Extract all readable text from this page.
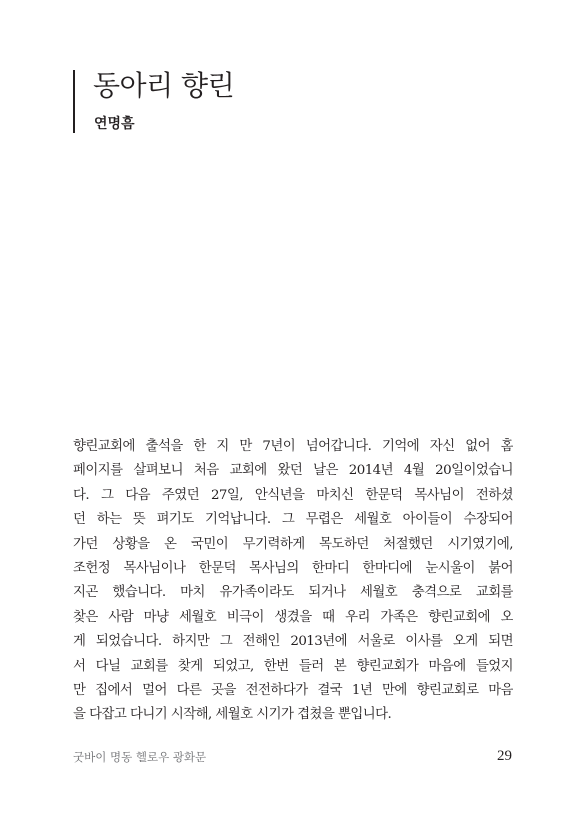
동아리 향린
연명흠

향린교회에 출석을 한 지 만 7년이 넘어갑니다. 기억에 자신 없어 홈
페이지를 살펴보니 처음 교회에 왔던 날은 2014년 4월 20일이었습니
다. 그 다음 주였던 27일, 안식년을 마치신 한문덕 목사님이 전하셨
던 하는 뜻 펴기도 기억납니다. 그 무렵은 세월호 아이들이 수장되어
가던 상황을 온 국민이 무기력하게 목도하던 처절했던 시기였기에,
조헌정 목사님이나 한문덕 목사님의 한마디 한마디에 눈시울이 붉어
지곤 했습니다. 마치 유가족이라도 되거나 세월호 충격으로 교회를
찾은 사람 마냥 세월호 비극이 생겼을 때 우리 가족은 향린교회에 오
게 되었습니다. 하지만 그 전해인 2013년에 서울로 이사를 오게 되면
서 다닐 교회를 찾게 되었고, 한번 들러 본 향린교회가 마음에 들었지
만 집에서 멀어 다른 곳을 전전하다가 결국 1년 만에 향린교회로 마음
을 다잡고 다니기 시작해, 세월호 시기가 겹쳤을 뿐입니다.

굿바이 명동 헬로우 광화문	29
